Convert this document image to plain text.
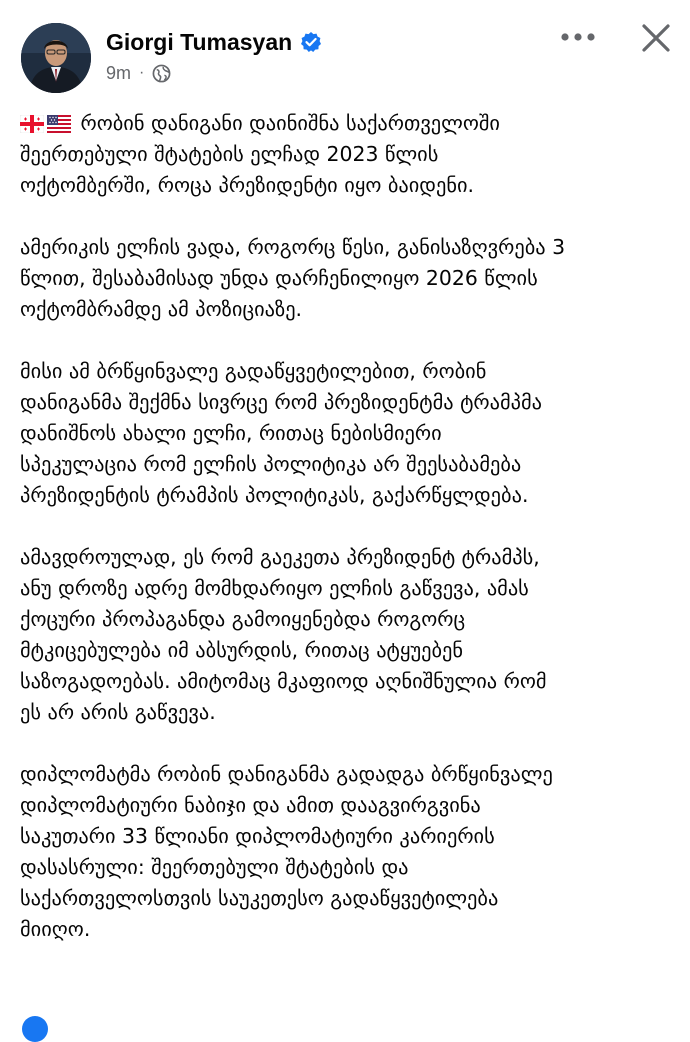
Giorgi Tumasyan
9m ·

რობინ დანიგანი დაინიშნა საქართველოში
შეერთებული შტატების ელჩად 2023 წლის
ოქტომბერში, როცა პრეზიდენტი იყო ბაიდენი.

ამერიკის ელჩის ვადა, როგორც წესი, განისაზღვრება 3
წლით, შესაბამისად უნდა დარჩენილიყო 2026 წლის
ოქტომბრამდე ამ პოზიციაზე.

მისი ამ ბრწყინვალე გადაწყვეტილებით, რობინ
დანიგანმა შექმნა სივრცე რომ პრეზიდენტმა ტრამპმა
დანიშნოს ახალი ელჩი, რითაც ნებისმიერი
სპეკულაცია რომ ელჩის პოლიტიკა არ შეესაბამება
პრეზიდენტის ტრამპის პოლიტიკას, გაქარწყლდება.

ამავდროულად, ეს რომ გაეკეთა პრეზიდენტ ტრამპს,
ანუ დროზე ადრე მომხდარიყო ელჩის გაწვევა, ამას
ქოცური პროპაგანდა გამოიყენებდა როგორც
მტკიცებულება იმ აბსურდის, რითაც ატყუებენ
საზოგადოებას. ამიტომაც მკაფიოდ აღნიშნულია რომ
ეს არ არის გაწვევა.

დიპლომატმა რობინ დანიგანმა გადადგა ბრწყინვალე
დიპლომატიური ნაბიჯი და ამით დააგვირგვინა
საკუთარი 33 წლიანი დიპლომატიური კარიერის
დასასრული: შეერთებული შტატების და
საქართველოსთვის საუკეთესო გადაწყვეტილება
მიიღო.
